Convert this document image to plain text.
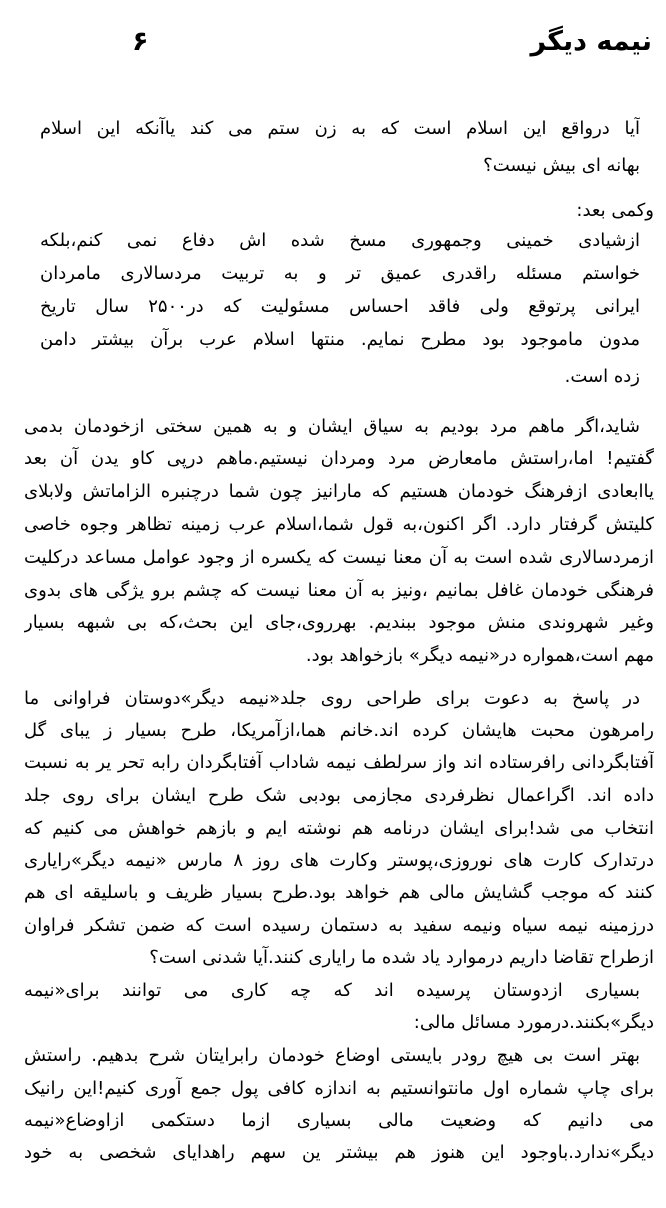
نیمه دیگر
۶
آیا درواقع این اسلام است که به زن ستم می کند یاآنکه این اسلام
بهانه ای بیش نیست؟
وکمی بعد:
ازشیادی خمینی وجمهوری مسخ شده اش دفاع نمی کنم،بلکه
خواستم مسئله راقدری عمیق تر و به تربیت مردسالاری مامردان
ایرانی پرتوقع ولی فاقد احساس مسئولیت که در۲۵۰۰ سال تاریخ
مدون ماموجود بود مطرح نمایم. منتها اسلام عرب برآن بیشتر دامن
زده است.
شاید،اگر ماهم مرد بودیم به سیاق ایشان و به همین سختی ازخودمان بدمی
گفتیم! اما،راستش مامعارض مرد ومردان نیستیم.ماهم درپی کاو یدن آن بعد
یاابعادی ازفرهنگ خودمان هستیم که مارانیز چون شما درچنبره الزاماتش ولابلای
کلیتش گرفتار دارد. اگر اکنون،به قول شما،اسلام عرب زمینه تظاهر وجوه خاصی
ازمردسالاری شده است به آن معنا نیست که یکسره از وجود عوامل مساعد درکلیت
فرهنگی خودمان غافل بمانیم ،ونیز به آن معنا نیست که چشم برو یژگی های بدوی
وغیر شهروندی منش موجود ببندیم. بهرروی،جای این بحث،که بی شبهه بسیار
مهم است،همواره در«نیمه دیگر» بازخواهد بود.
در پاسخ به دعوت برای طراحی روی جلد«نیمه دیگر»دوستان فراوانی ما
رامرهون محبت هایشان کرده اند.خانم هما،ازآمریکا، طرح بسیار ز یبای گل
آفتابگردانی رافرستاده اند واز سرلطف نیمه شاداب آفتابگردان رابه تحر یر به نسبت
داده اند. اگراعمال نظرفردی مجازمی بودبی شک طرح ایشان برای روی جلد
انتخاب می شد!برای ایشان درنامه هم نوشته ایم و بازهم خواهش می کنیم که
درتدارک کارت های نوروزی،پوستر وکارت های روز ۸ مارس «نیمه دیگر»رایاری
کنند که موجب گشایش مالی هم خواهد بود.طرح بسیار ظریف و باسلیقه ای هم
درزمینه نیمه سیاه ونیمه سفید به دستمان رسیده است که ضمن تشکر فراوان
ازطراح تقاضا داریم درموارد یاد شده ما رایاری کنند.آیا شدنی است؟
بسیاری ازدوستان پرسیده اند که چه کاری می توانند برای«نیمه
دیگر»بکنند.درمورد مسائل مالی:
بهتر است بی هیچ رودر بایستی اوضاع خودمان رابرایتان شرح بدهیم. راستش
برای چاپ شماره اول مانتوانستیم به اندازه کافی پول جمع آوری کنیم!این رانیک
می دانیم که وضعیت مالی بسیاری ازما دستکمی ازاوضاع«نیمه
دیگر»ندارد.باوجود این هنوز هم بیشتر ین سهم راهدایای شخصی به خود
